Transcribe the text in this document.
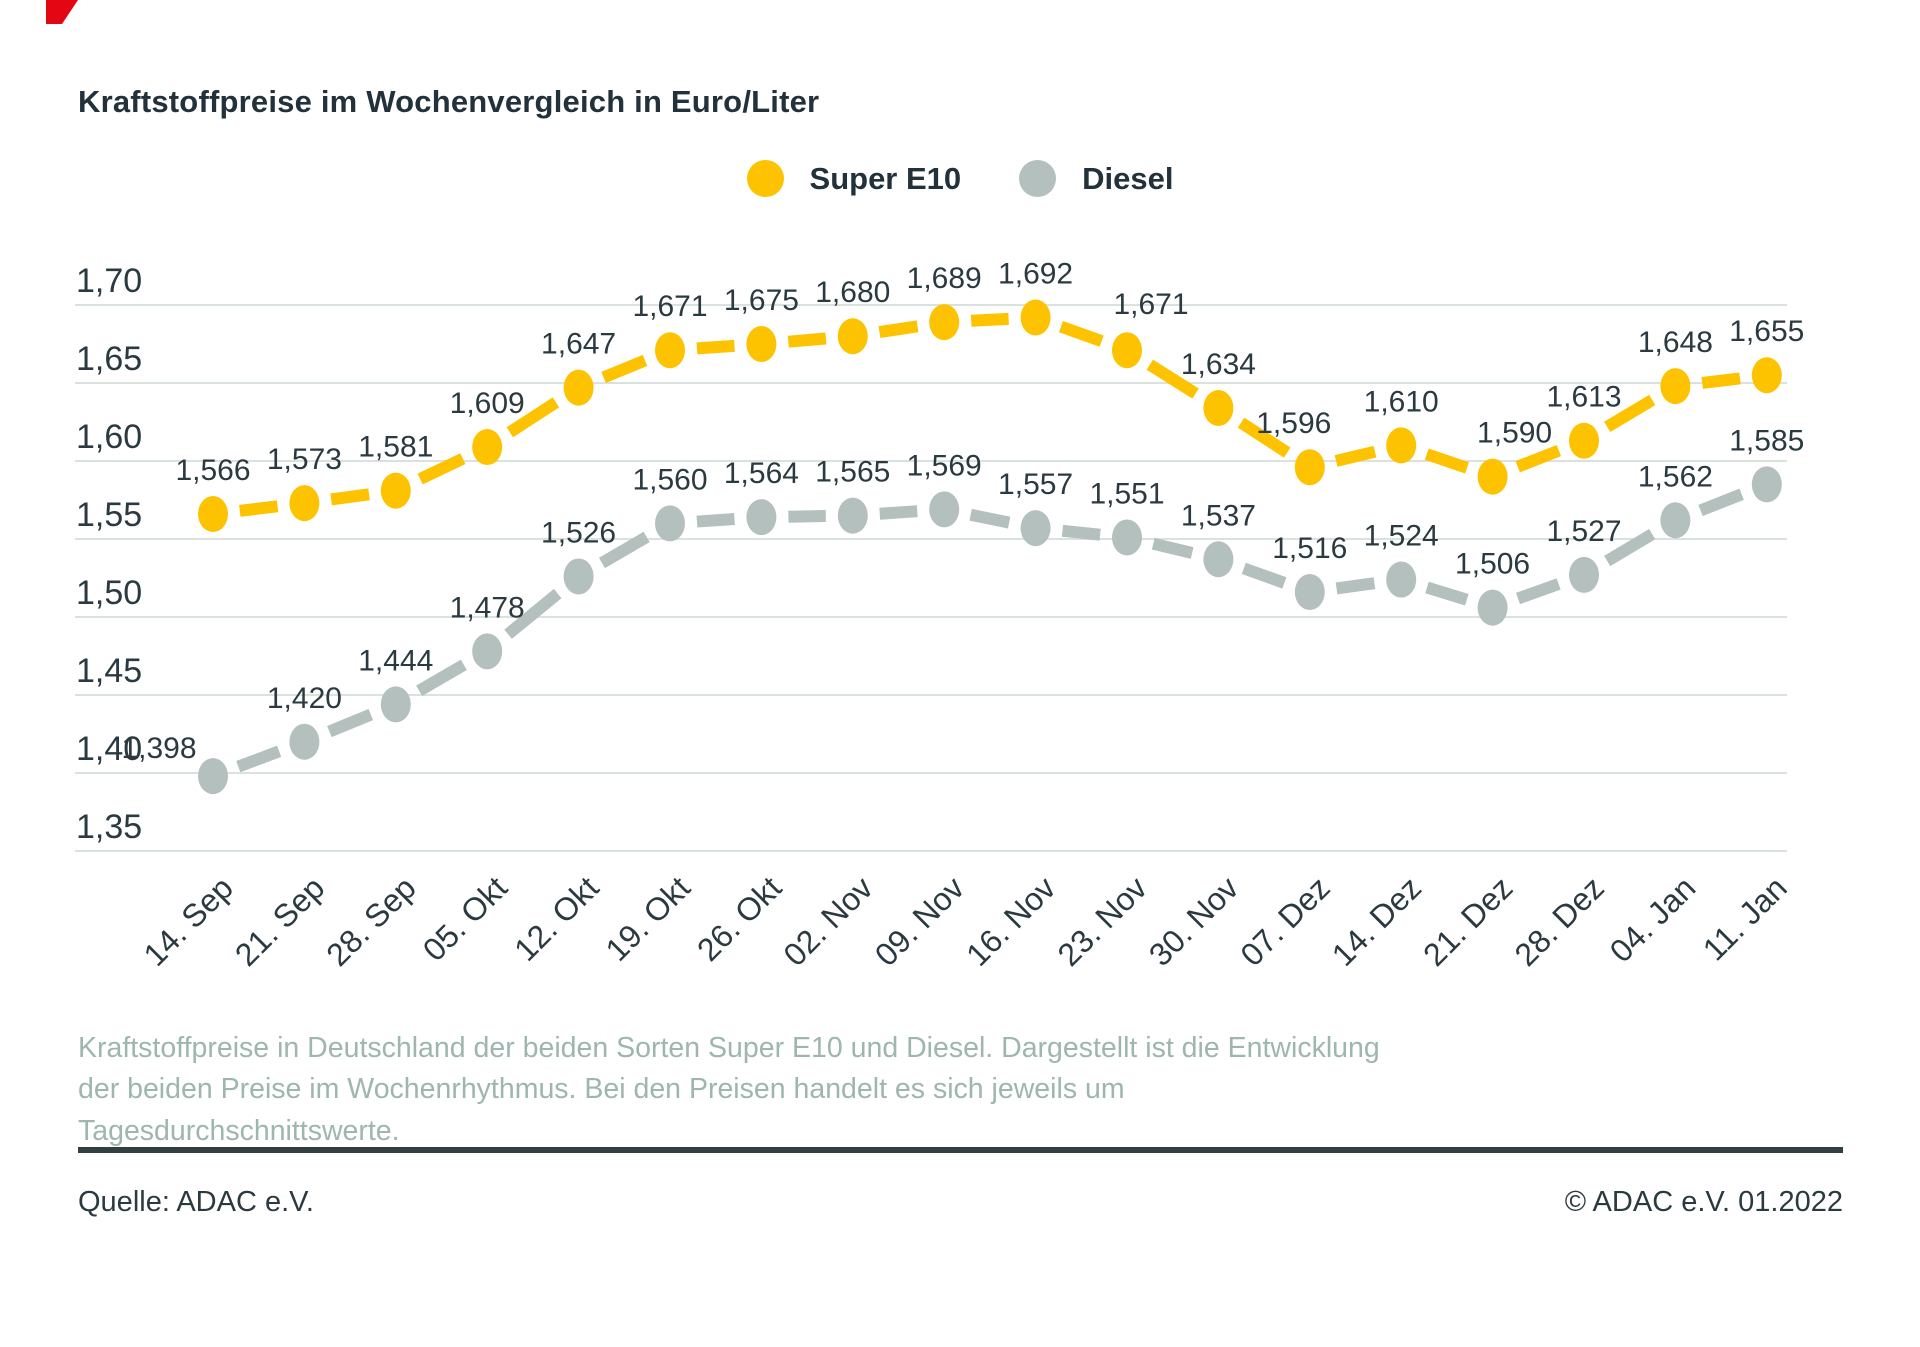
Kraftstoffpreise im Wochenvergleich in Euro/Liter
Super E10	Diesel
1,70
1,65
1,60
1,55
1,50
1,45
1,40
1,35
14. Sep
21. Sep
28. Sep
05. Okt
12. Okt
19. Okt
26. Okt
02. Nov
09. Nov
16. Nov
23. Nov
30. Nov
07. Dez
14. Dez
21. Dez
28. Dez
04. Jan
11. Jan
1,398
1,420
1,444
1,478
1,526
1,560 1,564 1,565 1,569
1,557 1,551
1,537
1,516 1,524
1,506
1,527
1,562
1,585
1,566 1,573 1,581
1,609
1,647
1,671 1,675 1,680 1,689 1,692
1,671
1,634
1,596
1,610
1,590
1,613
1,648 1,655
Kraftstoffpreise in Deutschland der beiden Sorten Super E10 und Diesel. Dargestellt ist die Entwicklung der beiden Preise im Wochenrhythmus. Bei den Preisen handelt es sich jeweils um Tagesdurchschnittswerte.
Quelle: ADAC e.V.	© ADAC e.V. 01.2022
